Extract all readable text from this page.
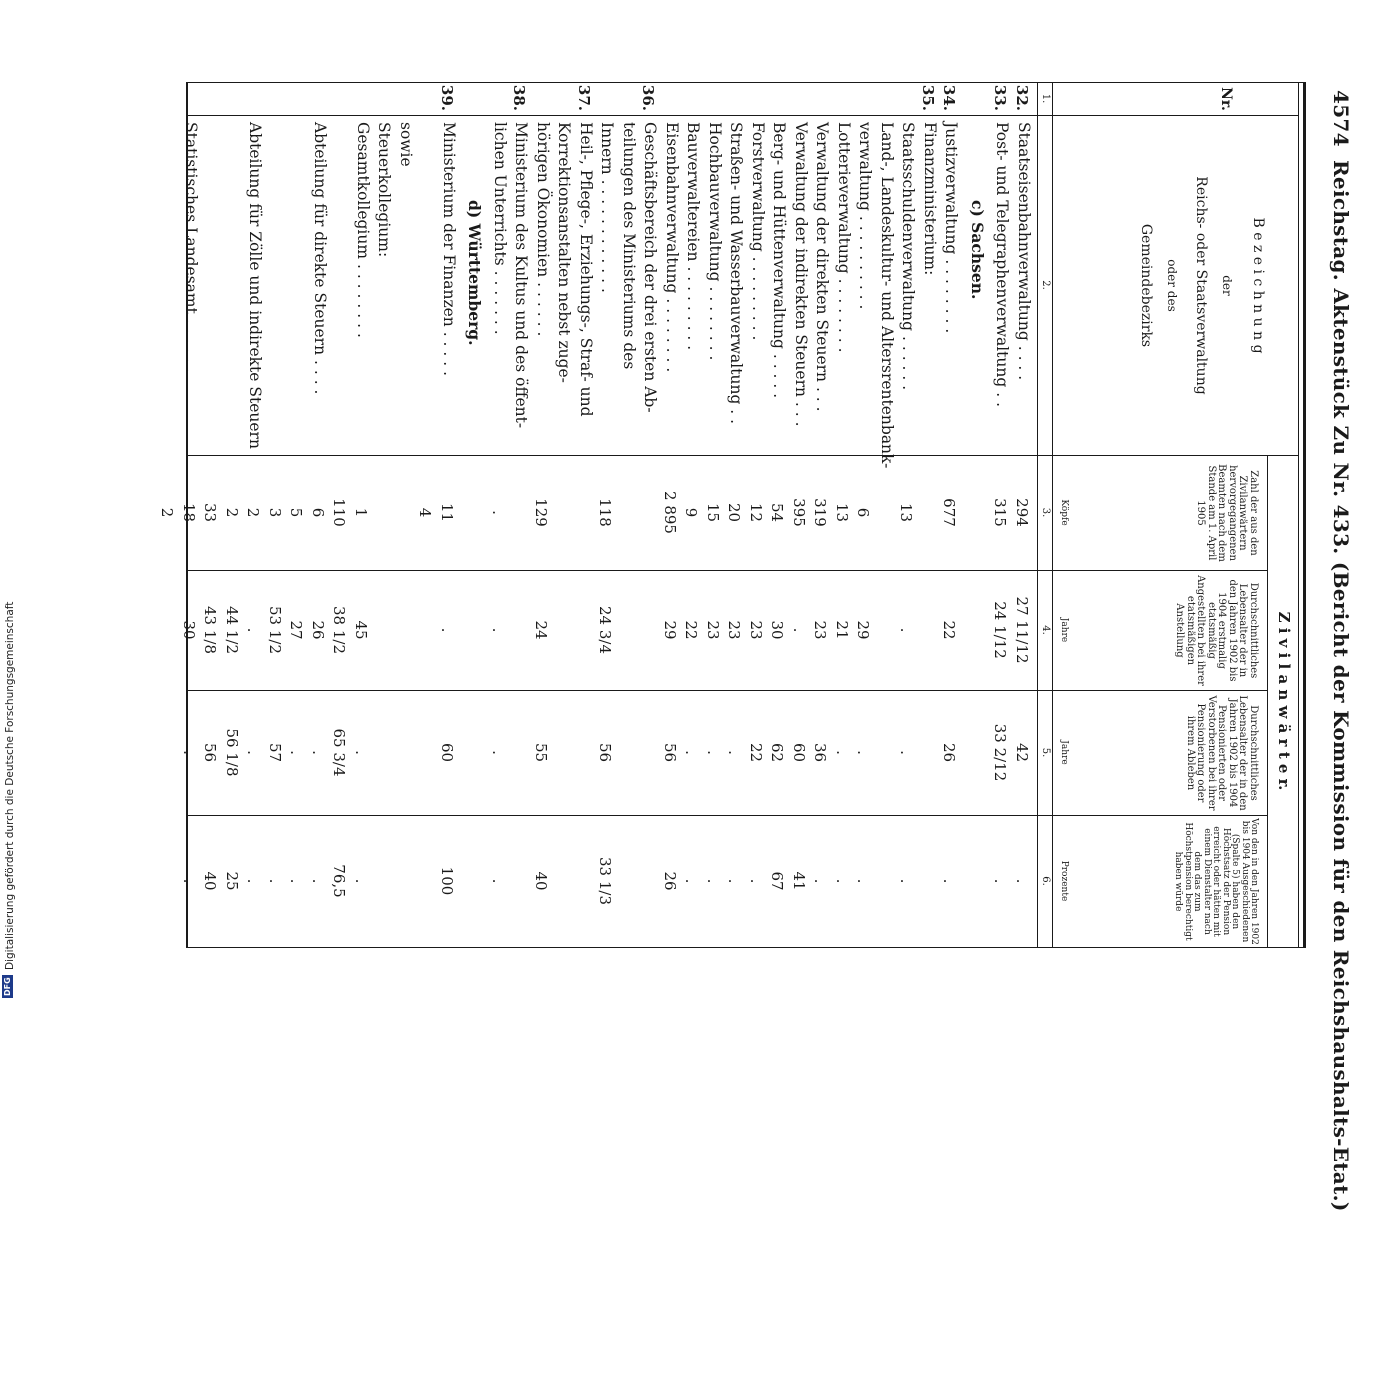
4574
Reichstag. Aktenstück Zu Nr. 433. (Bericht der Kommission für den Reichshaushalts-Etat.)
Nr.
B e z e i c h n u n g
der
Reichs- oder Staatsverwaltung
oder des
Gemeindebezirks
Z i v i l a n w ä r t e r.
Zahl der aus den Zivilanwärtern hervorgegangenen Beamten nach dem Stande am 1. April 1905
Durchschnittliches Lebensalter der in den Jahren 1902 bis 1904 erstmalig etatsmäßig Angestellten bei ihrer etatsmäßigen Anstellung
Durchschnittliches Lebensalter der in den Jahren 1902 bis 1904 Pensionierten oder Verstorbenen bei ihrer Pensionierung oder ihrem Ableben
Von den in den Jahren 1902 bis 1904 Ausgeschiedenen (Spalte 5) haben den Höchstsatz der Pension erreicht oder hätten mit einem Dienstalter nach dem das zum Höchstpension berechtigt haben würde
Köpfe
Jahre
Jahre
Prozente
1.
2.
3.
4.
5.
6.
32.
Staatseisenbahnverwaltung . . . .
294
27 11/12
42
.
33.
Post- und Telegraphenverwaltung . .
315
24 1/12
33 2/12
.
c) Sachsen.
34.
Justizverwaltung . . . . . . . .
677
22
26
.
35.
Finanzministerium:
Staatsschuldenverwaltung . . . . . .
13
.
.
.
Land-, Landeskultur- und Altersrentenbank-
verwaltung . . . . . . . . . .
6
29
.
.
Lotterieverwaltung . . . . . . . .
13
21
.
.
Verwaltung der direkten Steuern . . .
319
23
36
.
Verwaltung der indirekten Steuern . . .
395
.
60
41
Berg- und Hüttenverwaltung . . . . .
54
30
62
67
Forstverwaltung . . . . . . . . .
12
23
22
.
Straßen- und Wasserbauverwaltung . .
20
23
.
.
Hochbauverwaltung . . . . . . . .
15
23
.
.
Bauverwaltereien . . . . . . . . .
9
22
.
.
Eisenbahnverwaltung . . . . . . . .
2 895
29
56
26
36.
Geschäftsbereich der drei ersten Ab-
teilungen des Ministeriums des
Innern . . . . . . . . . . . .
118
24 3/4
56
33 1/3
37.
Heil-, Pflege-, Erziehungs-, Straf- und
Korrektionsanstalten nebst zuge-
hörigen Ökonomien . . . . . .
129
24
55
40
38.
Ministerium des Kultus und des öffent-
lichen Unterrichts . . . . . . .
.
.
.
.
d) Württemberg.
39.
Ministerium der Finanzen . . . . .
11
.
60
100
4
sowie
Steuerkollegium:
Gesamtkollegium . . . . . . . .
1
45
.
.
110
38 1/2
65 3/4
76,5
Abteilung für direkte Steuern . . . .
6
26
.
.
5
27
.
.
3
53 1/2
57
.
Abteilung für Zölle und indirekte Steuern
2
.
.
.
2
44 1/2
56 1/8
25
33
43 1/8
56
40
Statistisches Landesamt . . . . . .
18
30
.
.
2
Digitalisierung gefördert durch die Deutsche Forschungsgemeinschaft
DFG
